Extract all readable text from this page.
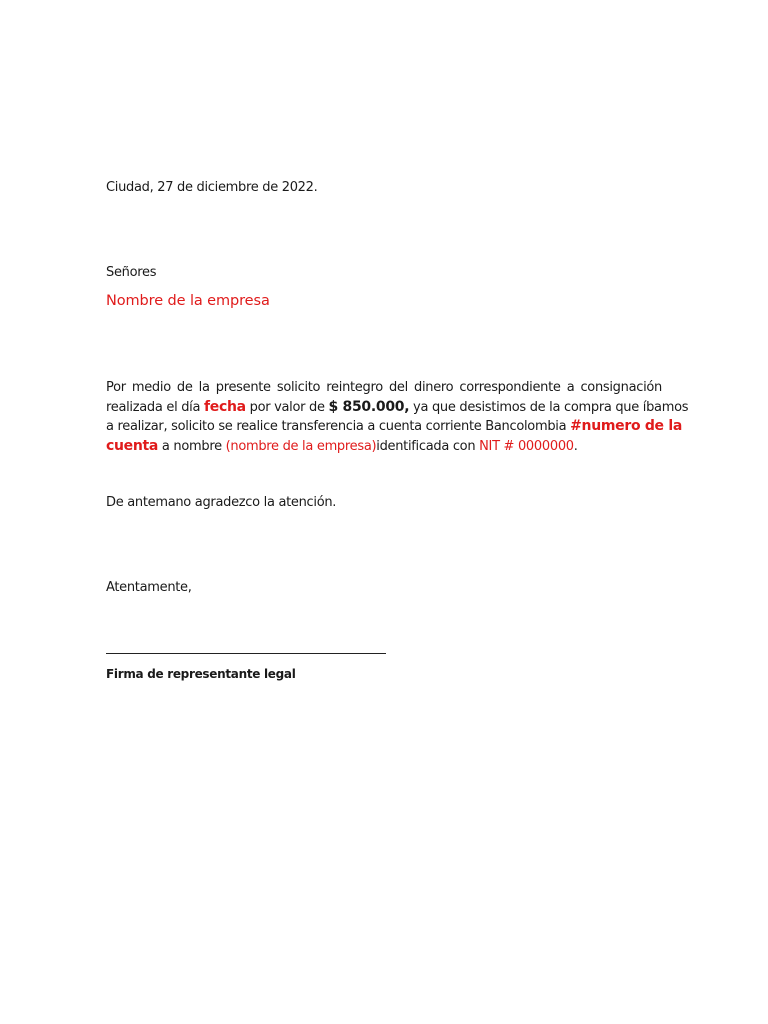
Ciudad, 27 de diciembre de 2022.
Señores
Nombre de la empresa
Por medio de la presente solicito reintegro del dinero correspondiente a consignación
realizada el día fecha por valor de $ 850.000, ya que desistimos de la compra que íbamos
a realizar, solicito se realice transferencia a cuenta corriente Bancolombia #numero de la
cuenta a nombre (nombre de la empresa)identificada con NIT # 0000000.
De antemano agradezco la atención.
Atentamente,
Firma de representante legal
